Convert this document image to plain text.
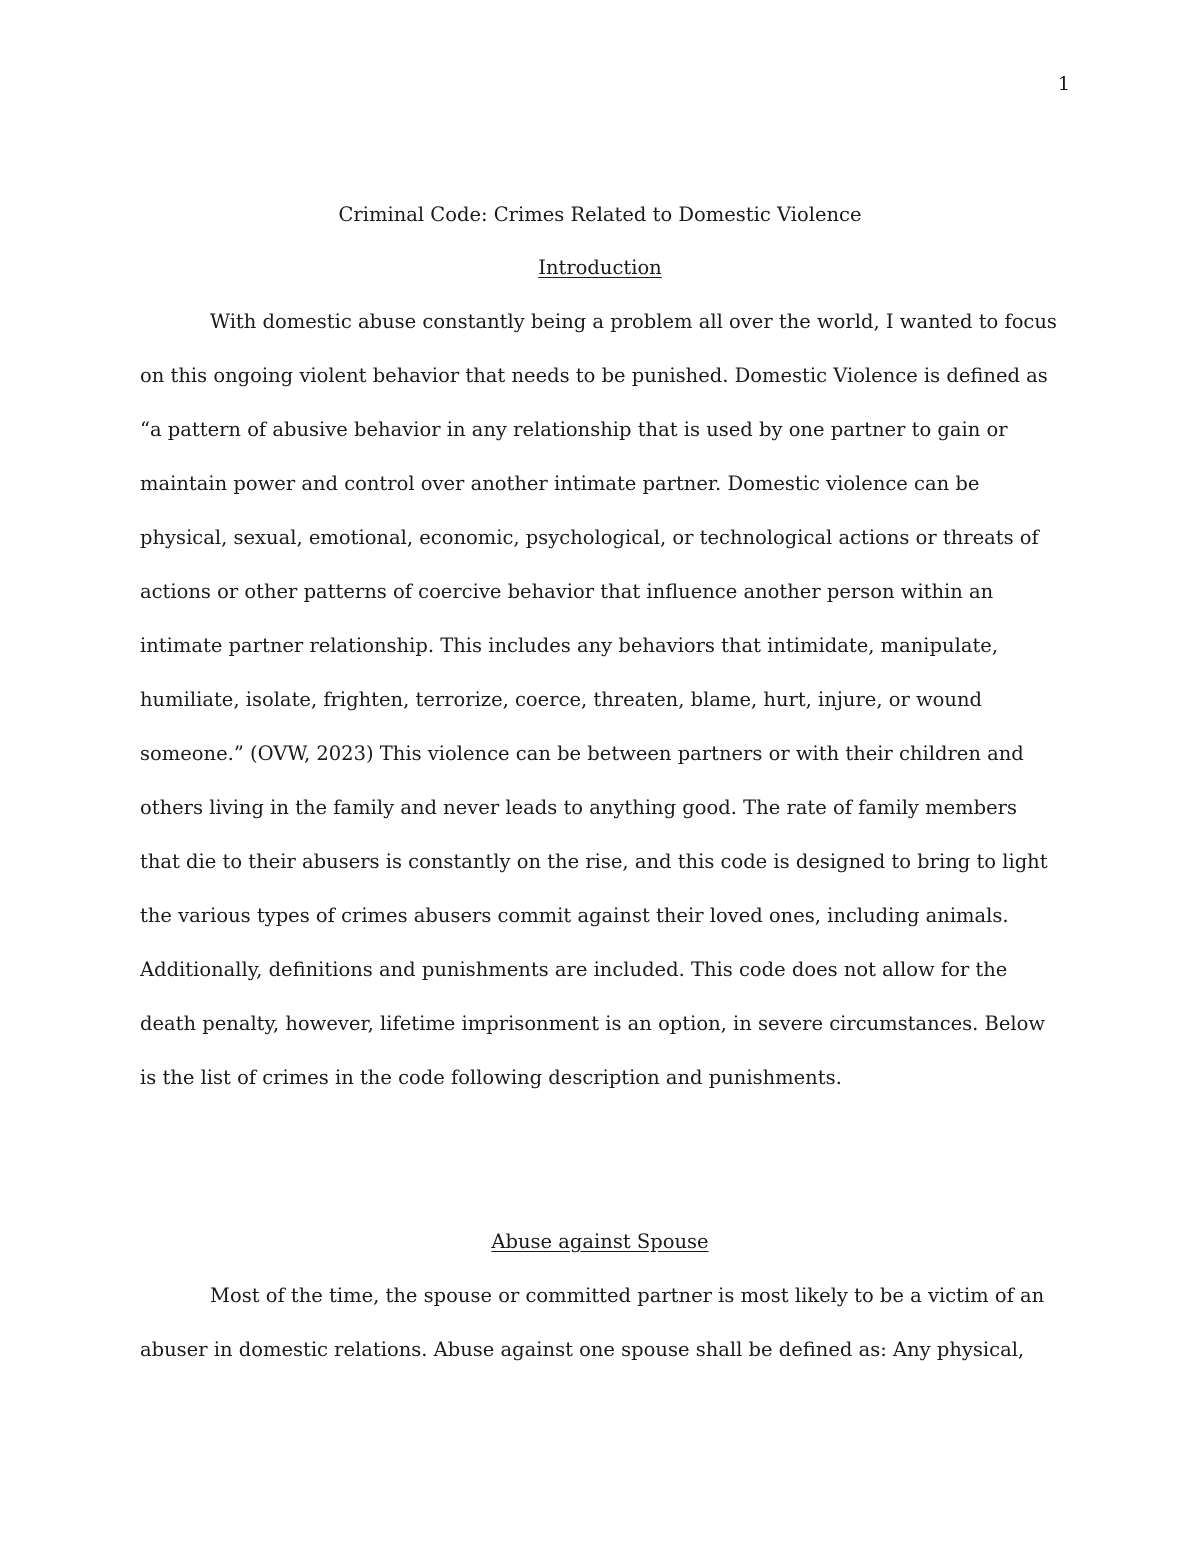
1
Criminal Code: Crimes Related to Domestic Violence
Introduction

With domestic abuse constantly being a problem all over the world, I wanted to focus on this ongoing violent behavior that needs to be punished. Domestic Violence is defined as “a pattern of abusive behavior in any relationship that is used by one partner to gain or maintain power and control over another intimate partner. Domestic violence can be physical, sexual, emotional, economic, psychological, or technological actions or threats of actions or other patterns of coercive behavior that influence another person within an intimate partner relationship. This includes any behaviors that intimidate, manipulate, humiliate, isolate, frighten, terrorize, coerce, threaten, blame, hurt, injure, or wound someone.” (OVW, 2023) This violence can be between partners or with their children and others living in the family and never leads to anything good. The rate of family members that die to their abusers is constantly on the rise, and this code is designed to bring to light the various types of crimes abusers commit against their loved ones, including animals. Additionally, definitions and punishments are included. This code does not allow for the death penalty, however, lifetime imprisonment is an option, in severe circumstances. Below is the list of crimes in the code following description and punishments.

Abuse against Spouse

Most of the time, the spouse or committed partner is most likely to be a victim of an abuser in domestic relations. Abuse against one spouse shall be defined as: Any physical,
